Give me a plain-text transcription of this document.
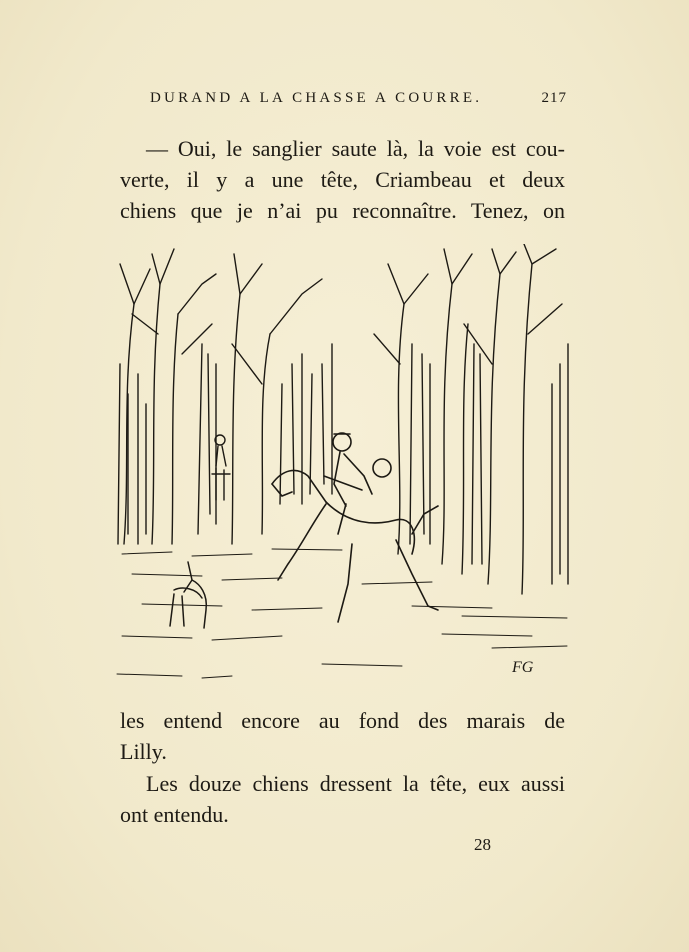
DURAND A LA CHASSE A COURRE.	217
— Oui, le sanglier saute là, la voie est cou-
verte, il y a une tête, Criambeau et deux
chiens que je n’ai pu reconnaître. Tenez, on
FG
les entend encore au fond des marais de
Lilly.
Les douze chiens dressent la tête, eux aussi
ont entendu.
28
